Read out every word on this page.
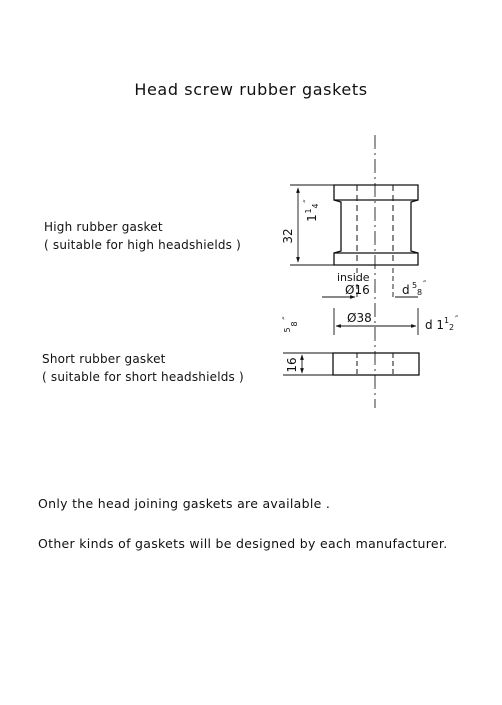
Head screw rubber gaskets
High rubber gasket
( suitable for high headshields )
Short rubber gasket
( suitable for short headshields )
32
1
1
4
″
inside
Ø16	d 5
8
″
Ø38	d 1 1
2
″
16
5
8
″
Only the head joining gaskets are available .
Other kinds of gaskets will be designed by each manufacturer.
